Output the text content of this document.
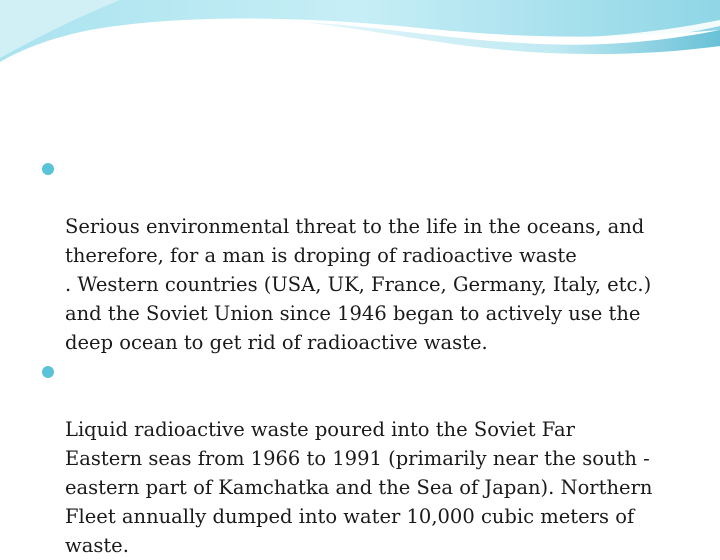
Serious environmental threat to the life in the oceans, and
therefore, for a man is droping of radioactive waste
. Western countries (USA, UK, France, Germany, Italy, etc.)
and the Soviet Union since 1946 began to actively use the
deep ocean to get rid of radioactive waste.

Liquid radioactive waste poured into the Soviet Far
Eastern seas from 1966 to 1991 (primarily near the south -
eastern part of Kamchatka and the Sea of Japan). Northern
Fleet annually dumped into water 10,000 cubic meters of
waste.
